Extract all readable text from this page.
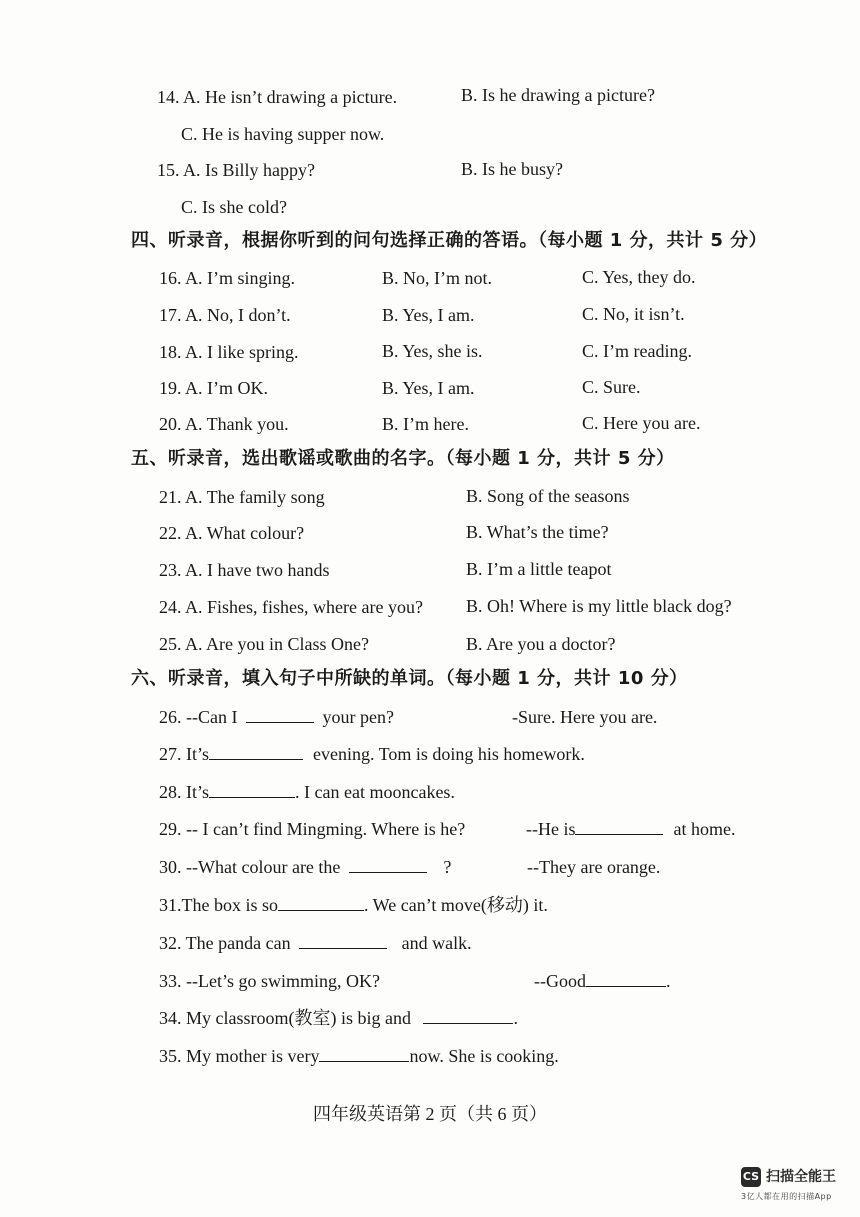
14. A. He isn’t drawing a picture.	B. Is he drawing a picture?
C. He is having supper now.
15. A. Is Billy happy?	B. Is he busy?
C. Is she cold?
四、听录音，根据你听到的问句选择正确的答语。（每小题 1 分，共计 5 分）
16. A. I’m singing.	B. No, I’m not.	C. Yes, they do.
17. A. No, I don’t.	B. Yes, I am.	C. No, it isn’t.
18. A. I like spring.	B. Yes, she is.	C. I’m reading.
19. A. I’m OK.	B. Yes, I am.	C. Sure.
20. A. Thank you.	B. I’m here.	C. Here you are.
五、听录音，选出歌谣或歌曲的名字。（每小题 1 分，共计 5 分）
21. A. The family song	B. Song of the seasons
22. A. What colour?	B. What’s the time?
23. A. I have two hands	B. I’m a little teapot
24. A. Fishes, fishes, where are you? B. Oh! Where is my little black dog?
25. A. Are you in Class One?	B. Are you a doctor?
六、听录音，填入句子中所缺的单词。（每小题 1 分，共计 10 分）
26. --Can I	your pen?	-Sure. Here you are.
27. It’s	evening. Tom is doing his homework.
28. It’s	. I can eat mooncakes.
29. -- I can’t find Mingming. Where is he?	--He is	at home.
30. --What colour are the	?	--They are orange.
31.The box is so	. We can’t move(移动) it.
32. The panda can	and walk.
33. --Let’s go swimming, OK?	--Good	.
34. My classroom(教室) is big and	.
35. My mother is very	now. She is cooking.
四年级英语第 2 页（共 6 页）
CS 扫描全能王
3亿人都在用的扫描App
